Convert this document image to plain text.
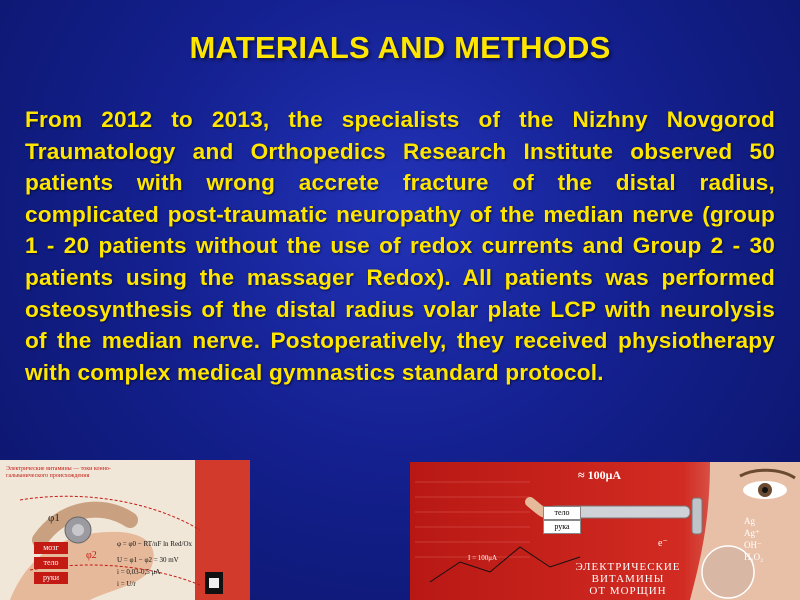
MATERIALS AND METHODS
From 2012 to 2013, the specialists of the Nizhny Novgorod Traumatology and Orthopedics Research Institute observed 50 patients with wrong accrete fracture of the distal radius, complicated post-traumatic neuropathy of the median nerve (group 1 - 20 patients without the use of redox currents and Group 2 - 30 patients using the massager Redox). All patients was performed osteosynthesis of the distal radius volar plate LCP with neurolysis of the median nerve. Postoperatively, they received physiotherapy with complex medical gymnastics standard protocol.
Электрические витамины — токи конно-гальванического происхождения
φ1
φ2
мозг
тело
руки
φ = φ0 − RT/nF ln Red/Ox
U = φ1 − φ2 = 30 mV
i = 0,03-0,5 μA
i = U/r
≈ 100μA
тело
рука
e⁻
I = 100μA
ЭЛЕКТРИЧЕСКИЕ
ВИТАМИНЫ
ОТ МОРЩИН
Ag
Ag⁺
OH⁻
H₂O₂
